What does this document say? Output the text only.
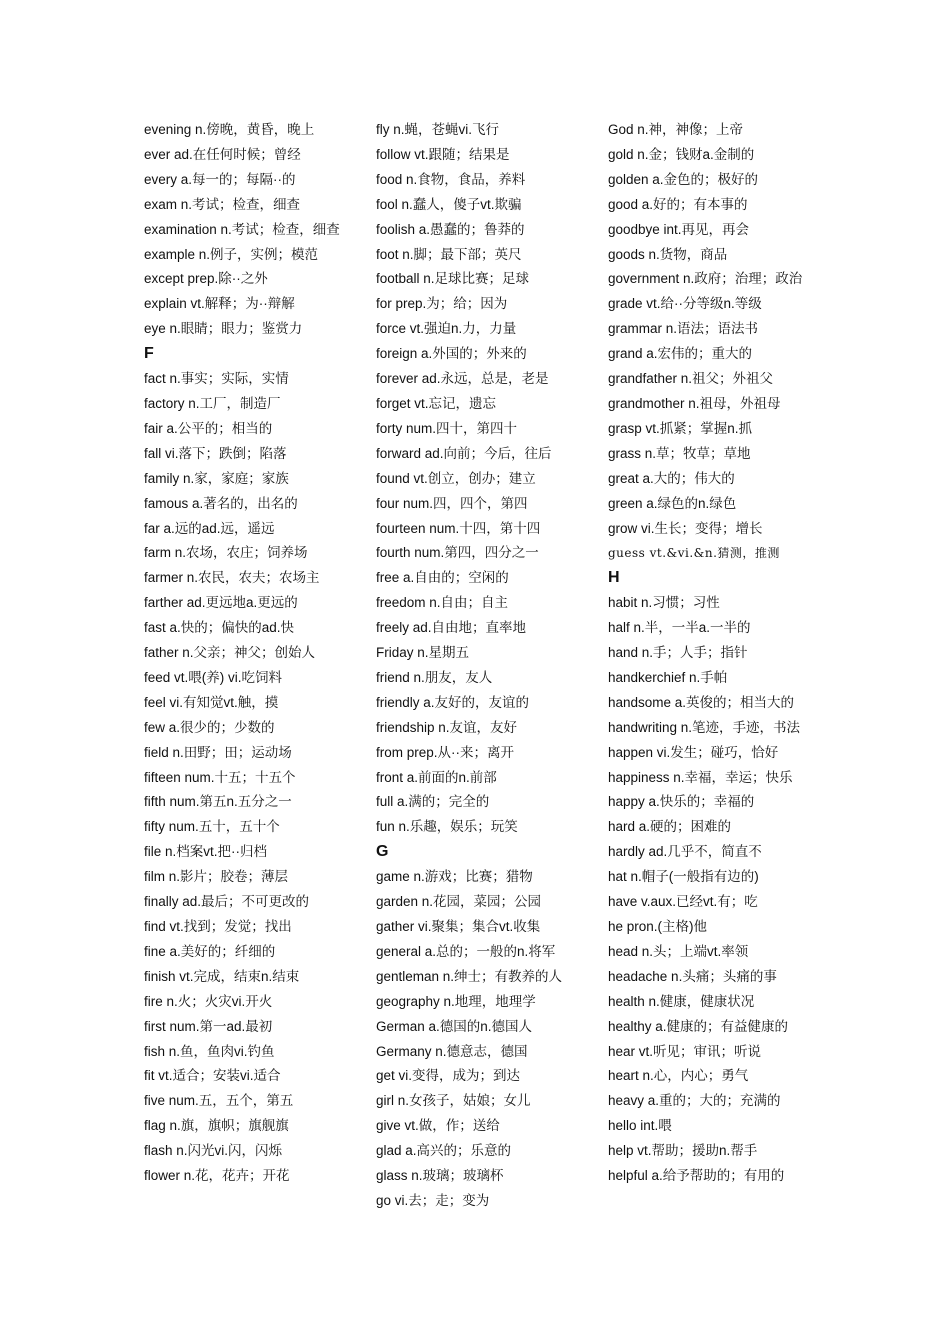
evening n.傍晚，黄昏，晚上
ever ad.在任何时候；曾经
every a.每一的；每隔··的
exam n.考试；检查，细查
examination n.考试；检查，细查
example n.例子，实例；模范
except prep.除··之外
explain vt.解释；为··辩解
eye n.眼睛；眼力；鉴赏力
F
fact n.事实；实际，实情
factory n.工厂，制造厂
fair a.公平的；相当的
fall vi.落下；跌倒；陷落
family n.家，家庭；家族
famous a.著名的，出名的
far a.远的ad.远，遥远
farm n.农场，农庄；饲养场
farmer n.农民，农夫；农场主
farther ad.更远地a.更远的
fast a.快的；偏快的ad.快
father n.父亲；神父；创始人
feed vt.喂(养) vi.吃饲料
feel vi.有知觉vt.触，摸
few a.很少的；少数的
field n.田野；田；运动场
fifteen num.十五；十五个
fifth num.第五n.五分之一
fifty num.五十，五十个
file n.档案vt.把··归档
film n.影片；胶卷；薄层
finally ad.最后；不可更改的
find vt.找到；发觉；找出
fine a.美好的；纤细的
finish vt.完成，结束n.结束
fire n.火；火灾vi.开火
first num.第一ad.最初
fish n.鱼，鱼肉vi.钓鱼
fit vt.适合；安装vi.适合
five num.五，五个，第五
flag n.旗，旗帜；旗舰旗
flash n.闪光vi.闪，闪烁
flower n.花，花卉；开花
fly n.蝇，苍蝇vi.飞行
follow vt.跟随；结果是
food n.食物，食品，养料
fool n.蠢人，傻子vt.欺骗
foolish a.愚蠢的；鲁莽的
foot n.脚；最下部；英尺
football n.足球比赛；足球
for prep.为；给；因为
force vt.强迫n.力，力量
foreign a.外国的；外来的
forever ad.永远，总是，老是
forget vt.忘记，遗忘
forty num.四十，第四十
forward ad.向前；今后，往后
found vt.创立，创办；建立
four num.四，四个，第四
fourteen num.十四，第十四
fourth num.第四，四分之一
free a.自由的；空闲的
freedom n.自由；自主
freely ad.自由地；直率地
Friday n.星期五
friend n.朋友，友人
friendly a.友好的，友谊的
friendship n.友谊，友好
from prep.从··来；离开
front a.前面的n.前部
full a.满的；完全的
fun n.乐趣，娱乐；玩笑
G
game n.游戏；比赛；猎物
garden n.花园，菜园；公园
gather vi.聚集；集合vt.收集
general a.总的；一般的n.将军
gentleman n.绅士；有教养的人
geography n.地理，地理学
German a.德国的n.德国人
Germany n.德意志，德国
get vi.变得，成为；到达
girl n.女孩子，姑娘；女儿
give vt.做，作；送给
glad a.高兴的；乐意的
glass n.玻璃；玻璃杯
go vi.去；走；变为
God n.神，神像；上帝
gold n.金；钱财a.金制的
golden a.金色的；极好的
good a.好的；有本事的
goodbye int.再见，再会
goods n.货物，商品
government n.政府；治理；政治
grade vt.给··分等级n.等级
grammar n.语法；语法书
grand a.宏伟的；重大的
grandfather n.祖父；外祖父
grandmother n.祖母，外祖母
grasp vt.抓紧；掌握n.抓
grass n.草；牧草；草地
great a.大的；伟大的
green a.绿色的n.绿色
grow vi.生长；变得；增长
guess vt.&vi.&n.猜测，推测
H
habit n.习惯；习性
half n.半，一半a.一半的
hand n.手；人手；指针
handkerchief n.手帕
handsome a.英俊的；相当大的
handwriting n.笔迹，手迹，书法
happen vi.发生；碰巧，恰好
happiness n.幸福，幸运；快乐
happy a.快乐的；幸福的
hard a.硬的；困难的
hardly ad.几乎不，简直不
hat n.帽子(一般指有边的)
have v.aux.已经vt.有；吃
he pron.(主格)他
head n.头；上端vt.率领
headache n.头痛；头痛的事
health n.健康，健康状况
healthy a.健康的；有益健康的
hear vt.听见；审讯；听说
heart n.心，内心；勇气
heavy a.重的；大的；充满的
hello int.喂
help vt.帮助；援助n.帮手
helpful a.给予帮助的；有用的
